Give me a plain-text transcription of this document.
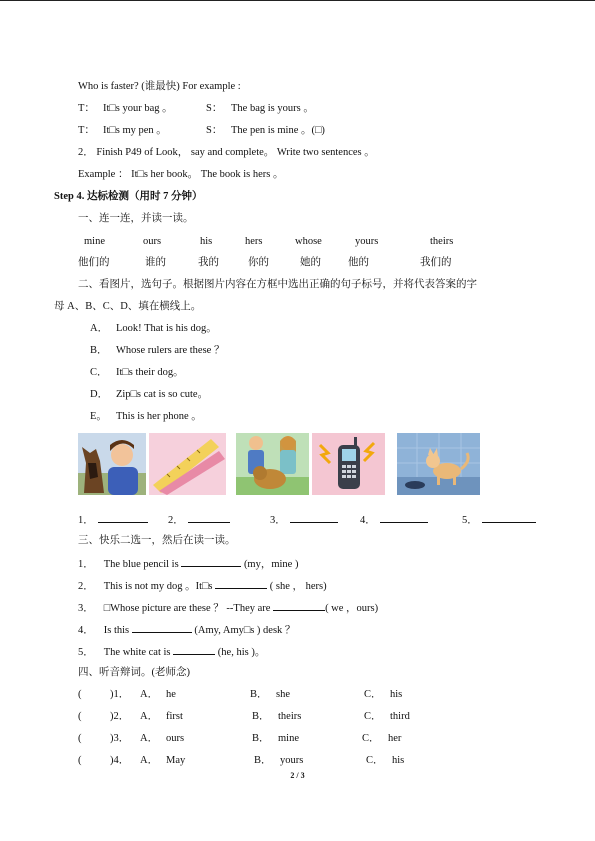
Who is faster? (谁最快) For example :
T： It□s your bag 。	S： The bag is yours 。
T： It□s my pen 。	S： The pen is mine 。(□)
2． Finish P49 of Look， say and complete。 Write two sentences 。
Example ： It□s her book。 The book is hers 。
Step 4. 达标检测（用时 7 分钟）
一、连一连，并读一读。
mine	ours	his	hers	whose	yours	theirs
他们的	谁的	我的	你的	她的	他的	我们的
二、看图片，选句子。根据图片内容在方框中选出正确的句子标号，并将代表答案的字
母 A、B、C、D、填在横线上。
A． Look! That is his dog。
B． Whose rulers are these ？
C． It□s their dog。
D． Zip□s cat is so cute。
E。 This is her phone 。
1．	2．	3．	4．	5．
三、快乐二选一，然后在读一读。
1． The blue pencil is	(my，mine )
2． This is not my dog 。It□s	( she ， hers)
3． □Whose picture are these ？ --They are	( we ，ours)
4． Is this	(Amy, Amy□s ) desk ？
5． The white cat is	(he, his )。
四、听音辩词。(老师念)
(	)1． A． he	B． she	C． his
(	)2． A． first	B． theirs	C． third
(	)3． A． ours	B． mine	C． her
(	)4． A． May	B． yours	C． his
2 / 3
